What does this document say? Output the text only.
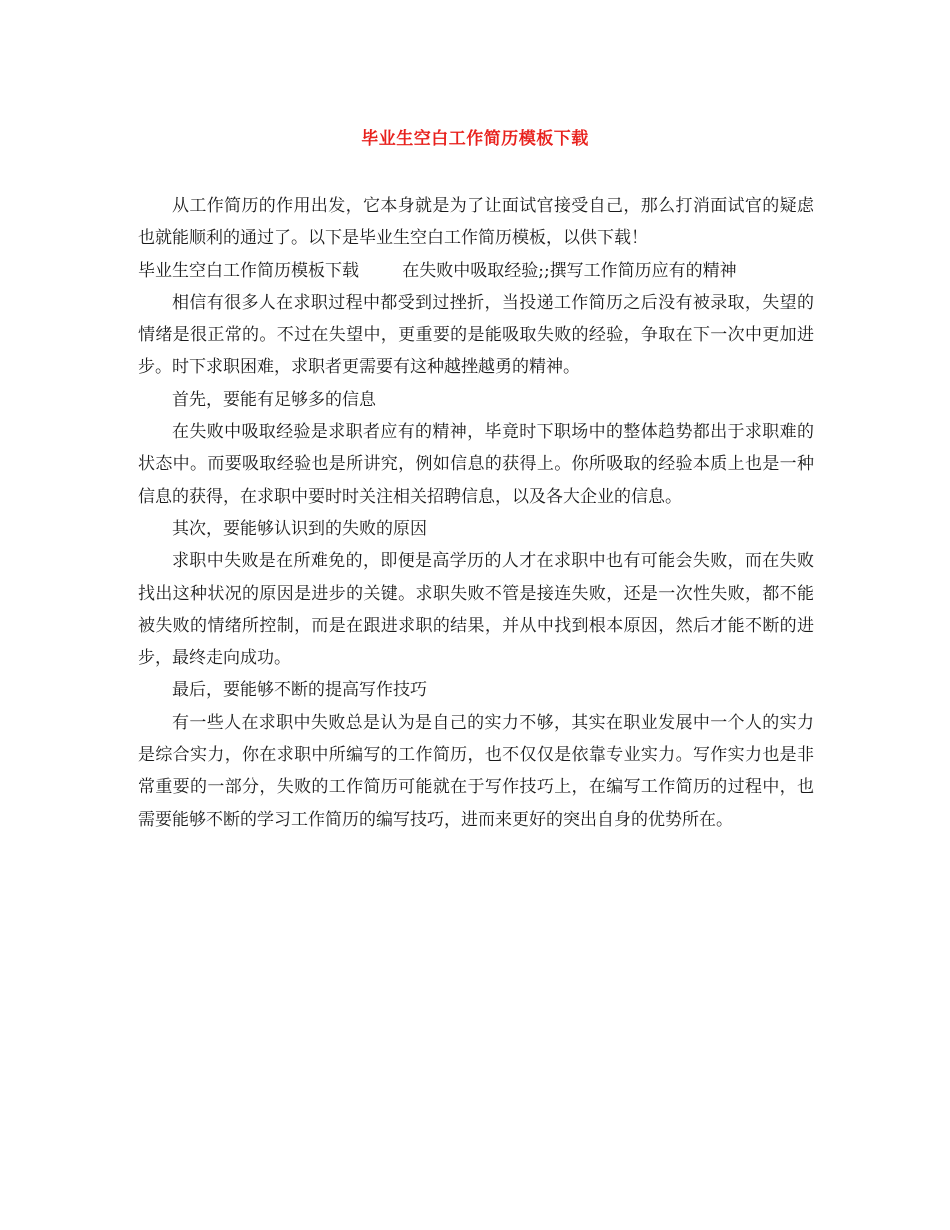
毕业生空白工作简历模板下载

从工作简历的作用出发，它本身就是为了让面试官接受自己，那么打消面试官的疑虑也就能顺利的通过了。以下是毕业生空白工作简历模板，以供下载！

毕业生空白工作简历模板下载        在失败中吸取经验;;撰写工作简历应有的精神

相信有很多人在求职过程中都受到过挫折，当投递工作简历之后没有被录取，失望的情绪是很正常的。不过在失望中，更重要的是能吸取失败的经验，争取在下一次中更加进步。时下求职困难，求职者更需要有这种越挫越勇的精神。

首先，要能有足够多的信息

在失败中吸取经验是求职者应有的精神，毕竟时下职场中的整体趋势都出于求职难的状态中。而要吸取经验也是所讲究，例如信息的获得上。你所吸取的经验本质上也是一种信息的获得，在求职中要时时关注相关招聘信息，以及各大企业的信息。

其次，要能够认识到的失败的原因

求职中失败是在所难免的，即便是高学历的人才在求职中也有可能会失败，而在失败找出这种状况的原因是进步的关键。求职失败不管是接连失败，还是一次性失败，都不能被失败的情绪所控制，而是在跟进求职的结果，并从中找到根本原因，然后才能不断的进步，最终走向成功。

最后，要能够不断的提高写作技巧

有一些人在求职中失败总是认为是自己的实力不够，其实在职业发展中一个人的实力是综合实力，你在求职中所编写的工作简历，也不仅仅是依靠专业实力。写作实力也是非常重要的一部分，失败的工作简历可能就在于写作技巧上，在编写工作简历的过程中，也需要能够不断的学习工作简历的编写技巧，进而来更好的突出自身的优势所在。
